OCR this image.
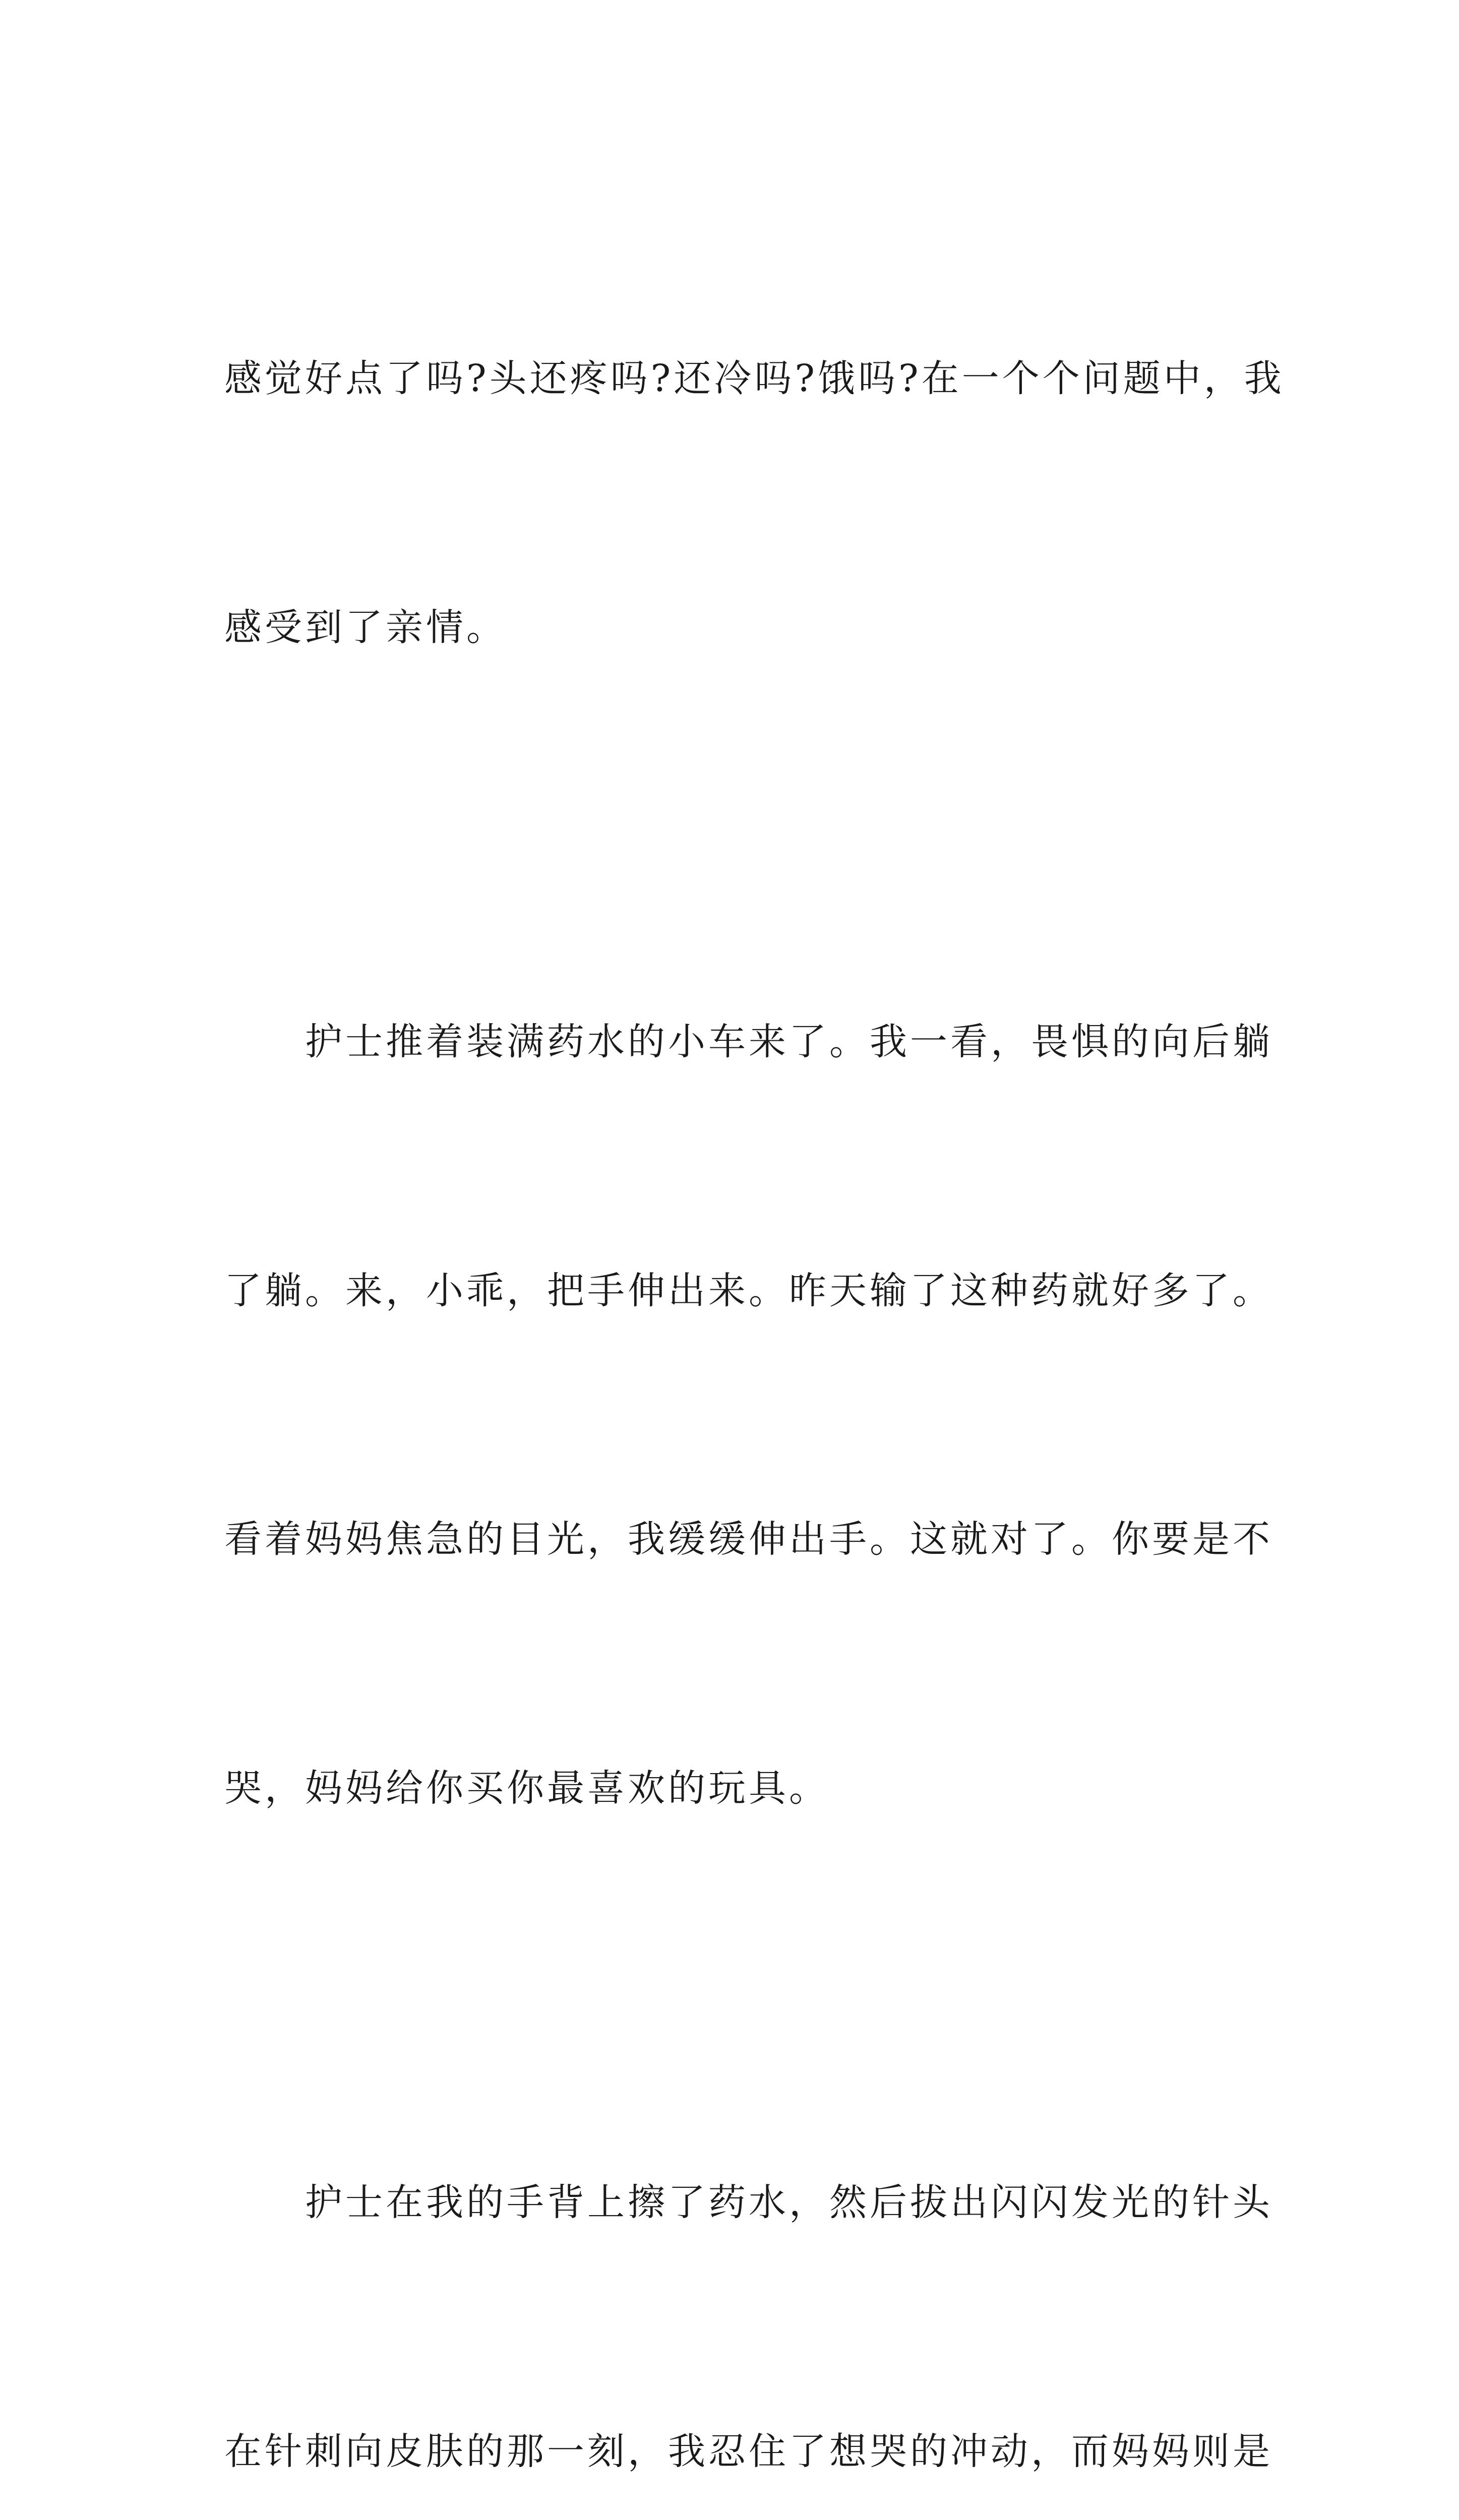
感觉好点了吗?头还疼吗?还冷吗?饿吗?在一个个问题中，我

感受到了亲情。

护士推着装满药水的小车来了。我一看，畏惧的向后躺

了躺。来，小乖，把手伸出来。昨天输了这种药就好多了。

看着妈妈焦急的目光，我缓缓伸出手。这就对了。你要是不

哭，妈妈给你买你最喜欢的玩具。

护士在我的手背上擦了药水，然后拔出闪闪发光的针头

在针刺向皮肤的那一刻，我忍住了想哭的冲动，而妈妈则是
